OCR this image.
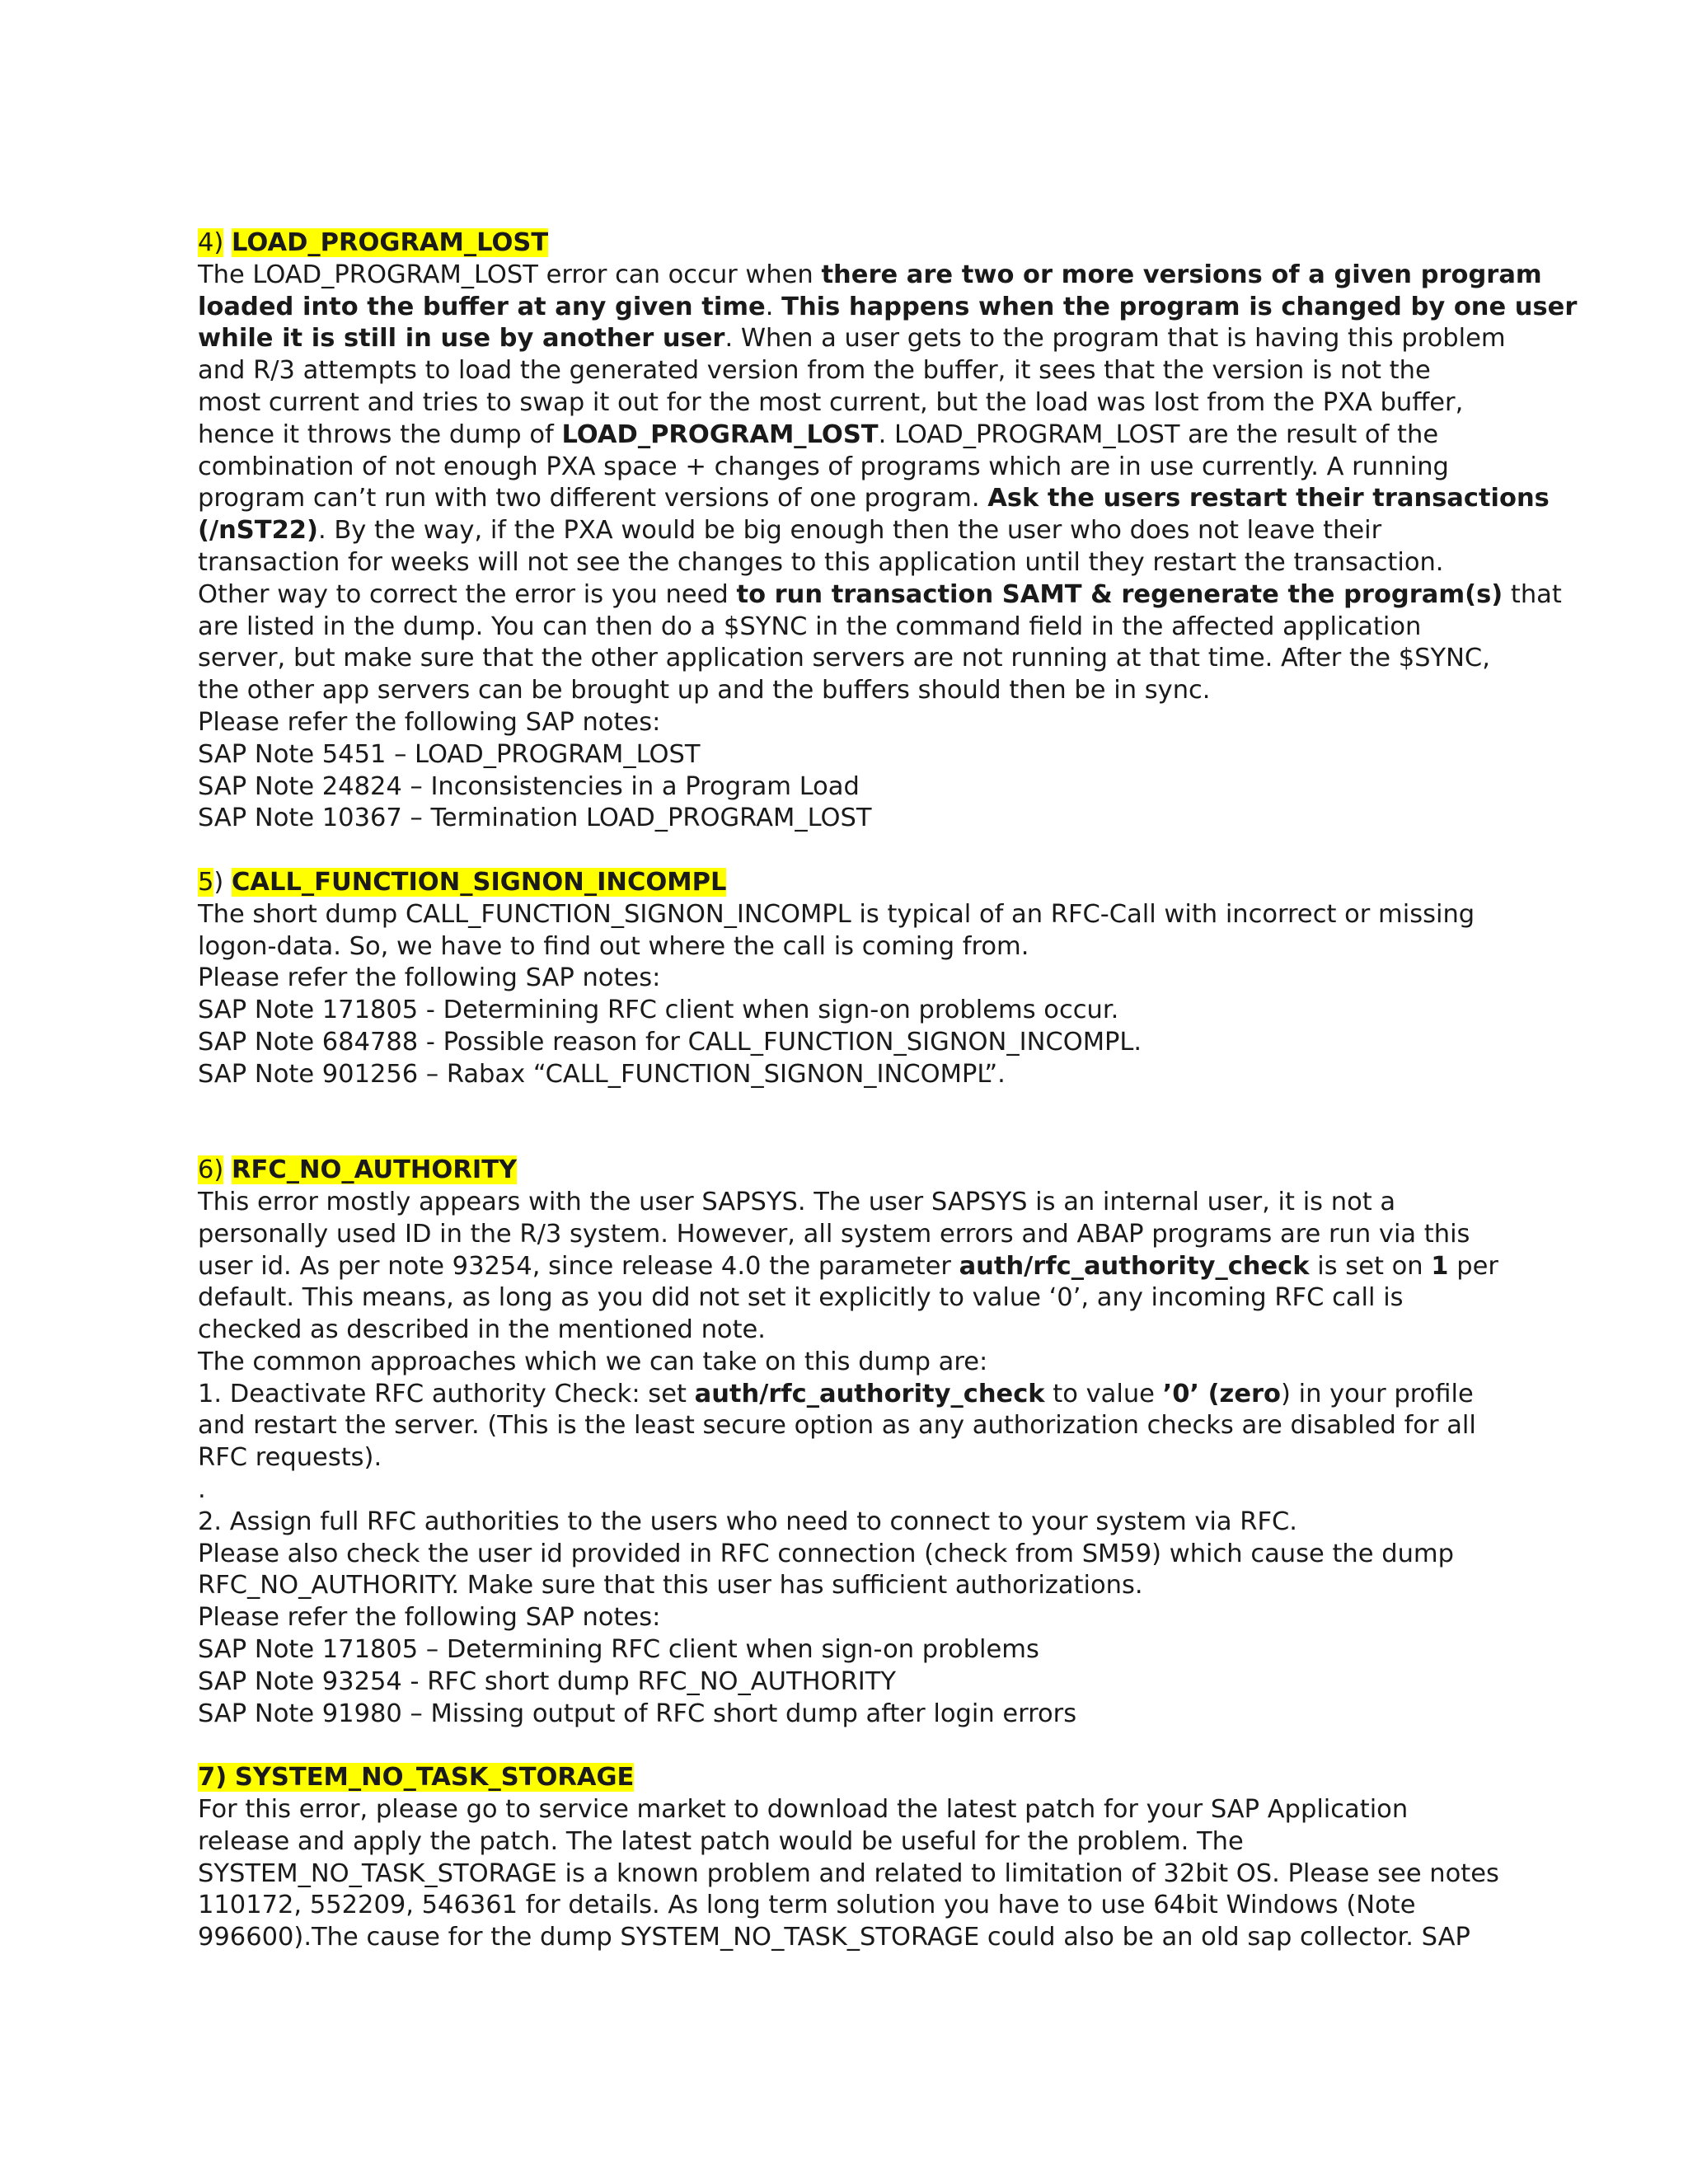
4) LOAD_PROGRAM_LOST
The LOAD_PROGRAM_LOST error can occur when there are two or more versions of a given program
loaded into the buffer at any given time. This happens when the program is changed by one user
while it is still in use by another user. When a user gets to the program that is having this problem
and R/3 attempts to load the generated version from the buffer, it sees that the version is not the
most current and tries to swap it out for the most current, but the load was lost from the PXA buffer,
hence it throws the dump of LOAD_PROGRAM_LOST. LOAD_PROGRAM_LOST are the result of the
combination of not enough PXA space + changes of programs which are in use currently. A running
program can’t run with two different versions of one program. Ask the users restart their transactions
(/nST22). By the way, if the PXA would be big enough then the user who does not leave their
transaction for weeks will not see the changes to this application until they restart the transaction.
Other way to correct the error is you need to run transaction SAMT & regenerate the program(s) that
are listed in the dump. You can then do a $SYNC in the command field in the affected application
server, but make sure that the other application servers are not running at that time. After the $SYNC,
the other app servers can be brought up and the buffers should then be in sync.
Please refer the following SAP notes:
SAP Note 5451 – LOAD_PROGRAM_LOST
SAP Note 24824 – Inconsistencies in a Program Load
SAP Note 10367 – Termination LOAD_PROGRAM_LOST
5) CALL_FUNCTION_SIGNON_INCOMPL
The short dump CALL_FUNCTION_SIGNON_INCOMPL is typical of an RFC-Call with incorrect or missing
logon-data. So, we have to find out where the call is coming from.
Please refer the following SAP notes:
SAP Note 171805 - Determining RFC client when sign-on problems occur.
SAP Note 684788 - Possible reason for CALL_FUNCTION_SIGNON_INCOMPL.
SAP Note 901256 – Rabax “CALL_FUNCTION_SIGNON_INCOMPL”.
6) RFC_NO_AUTHORITY
This error mostly appears with the user SAPSYS. The user SAPSYS is an internal user, it is not a
personally used ID in the R/3 system. However, all system errors and ABAP programs are run via this
user id. As per note 93254, since release 4.0 the parameter auth/rfc_authority_check is set on 1 per
default. This means, as long as you did not set it explicitly to value ‘0’, any incoming RFC call is
checked as described in the mentioned note.
The common approaches which we can take on this dump are:
1. Deactivate RFC authority Check: set auth/rfc_authority_check to value ’0’ (zero) in your profile
and restart the server. (This is the least secure option as any authorization checks are disabled for all
RFC requests).
.
2. Assign full RFC authorities to the users who need to connect to your system via RFC.
Please also check the user id provided in RFC connection (check from SM59) which cause the dump
RFC_NO_AUTHORITY. Make sure that this user has sufficient authorizations.
Please refer the following SAP notes:
SAP Note 171805 – Determining RFC client when sign-on problems
SAP Note 93254 - RFC short dump RFC_NO_AUTHORITY
SAP Note 91980 – Missing output of RFC short dump after login errors
7) SYSTEM_NO_TASK_STORAGE
For this error, please go to service market to download the latest patch for your SAP Application
release and apply the patch. The latest patch would be useful for the problem. The
SYSTEM_NO_TASK_STORAGE is a known problem and related to limitation of 32bit OS. Please see notes
110172, 552209, 546361 for details. As long term solution you have to use 64bit Windows (Note
996600).The cause for the dump SYSTEM_NO_TASK_STORAGE could also be an old sap collector. SAP
